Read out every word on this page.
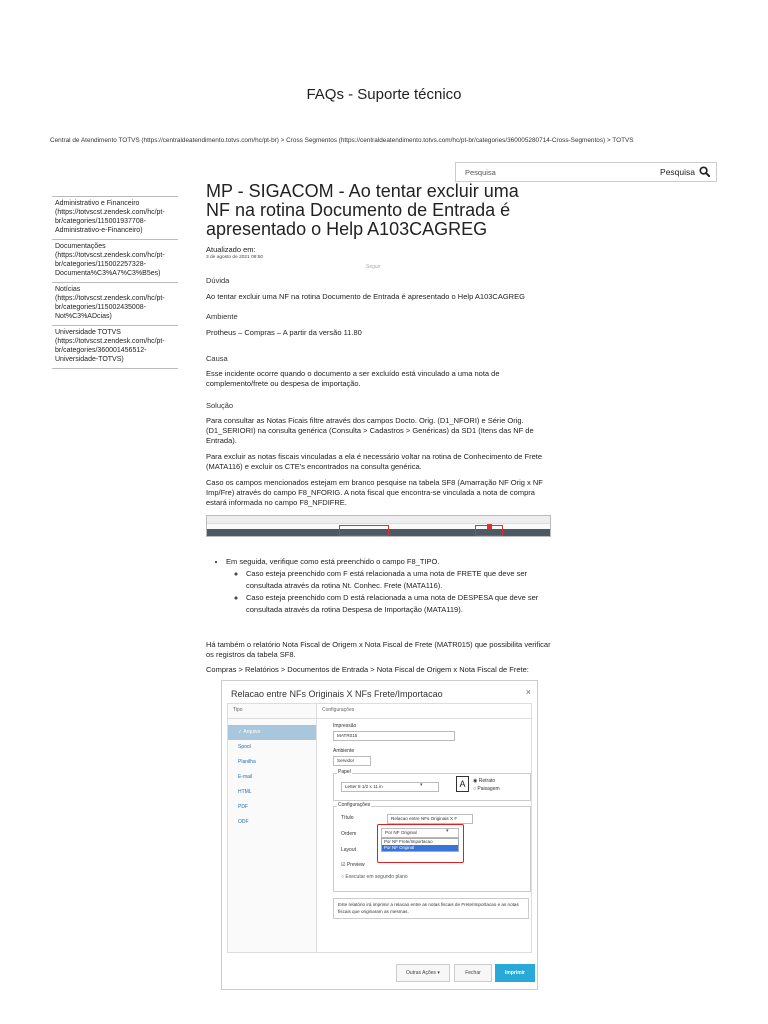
FAQs - Suporte técnico
Central de Atendimento TOTVS (https://centraldeatendimento.totvs.com/hc/pt-br) > Cross Segmentos (https://centraldeatendimento.totvs.com/hc/pt-br/categories/360005280714-Cross-Segmentos) > TOTVS
Pesquisa	Pesquisa
Administrativo e Financeiro (https://totvscst.zendesk.com/hc/pt-br/categories/115001937708-Administrativo-e-Financeiro)
Documentações (https://totvscst.zendesk.com/hc/pt-br/categories/115002257328-Documenta%C3%A7%C3%B5es)
Notícias (https://totvscst.zendesk.com/hc/pt-br/categories/115002435008-Not%C3%ADcias)
Universidade TOTVS (https://totvscst.zendesk.com/hc/pt-br/categories/360001456512-Universidade-TOTVS)
MP - SIGACOM - Ao tentar excluir uma NF na rotina Documento de Entrada é apresentado o Help A103CAGREG
Atualizado em:
3 de agosto de 2021 08:50
Seguir
Dúvida
Ao tentar excluir uma NF na rotina Documento de Entrada é apresentado o Help A103CAGREG
Ambiente
Protheus – Compras – A partir da versão 11.80
Causa
Esse incidente ocorre quando o documento a ser excluído está vinculado a uma nota de complemento/frete ou despesa de importação.
Solução
Para consultar as Notas Ficais filtre através dos campos Docto. Orig. (D1_NFORI) e Série Orig. (D1_SERIORI) na consulta genérica (Consulta > Cadastros > Genéricas) da SD1 (Itens das NF de Entrada).
Para excluir as notas fiscais vinculadas a ela é necessário voltar na rotina de Conhecimento de Frete (MATA116) e excluir os CTE's encontrados na consulta genérica.
Caso os campos mencionados estejam em branco pesquise na tabela SF8 (Amarração NF Orig x NF Imp/Fre) através do campo F8_NFORIG. A nota fiscal que encontra-se vinculada a nota de compra estará informada no campo F8_NFDIFRE.
• Em seguida, verifique como está preenchido o campo F8_TIPO.
◦ Caso esteja preenchido com F está relacionada a uma nota de FRETE que deve ser consultada através da rotina Nt. Conhec. Frete (MATA116).
◦ Caso esteja preenchido com D está relacionada a uma nota de DESPESA que deve ser consultada através da rotina Despesa de Importação (MATA119).
Há também o relatório Nota Fiscal de Origem x Nota Fiscal de Frete (MATR015) que possibilita verificar os registros da tabela SF8.
Compras > Relatórios > Documentos de Entrada > Nota Fiscal de Origem x Nota Fiscal de Frete:
Relacao entre NFs Originais X NFs Frete/Importacao	×
Tipo
✓ Arquivo
Spool
Planilha
E-mail
HTML
PDF
ODF
Configurações
Impressão
MATR015
Ambiente
Servidor
Papel
Letter 8 1/2 x 11 in	▾	A	◉ Retrato
○ Paisagem
Configurações
Título	Relacao entre NFs Originais X F
Ordem	Por NF Original	▾
Por NF Frete/Importacao
Por NF Original
Layout
☑ Preview
○ Executar em segundo plano
Este relatório irá imprimir a relacao entre as notas fiscais de Frete/Importacao e as notas fiscais que originaram as mesmas.
Outras Ações ▾	Fechar	Imprimir
